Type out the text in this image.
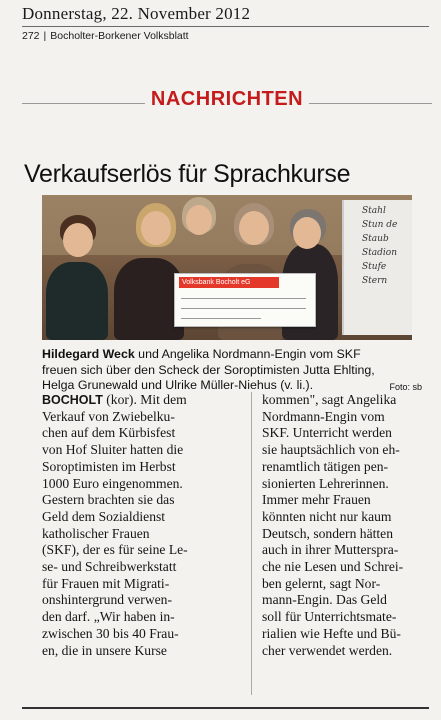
Donnerstag, 22. November 2012
272 | Bocholter-Borkener Volksblatt
NACHRICHTEN
Verkaufserlös für Sprachkurse
Stahl
Stun de
Staub
Stadion
Stufe
Stern
Volksbank Bocholt eG
Hildegard Weck und Angelika Nordmann-Engin vom SKF
freuen sich über den Scheck der Soroptimisten Jutta Ehlting,
Helga Grunewald und Ulrike Müller-Niehus (v. li.).	Foto: sb
BOCHOLT (kor). Mit dem
Verkauf von Zwiebelku-
chen auf dem Kürbisfest
von Hof Sluiter hatten die
Soroptimisten im Herbst
1000 Euro eingenommen.
Gestern brachten sie das
Geld dem Sozialdienst
katholischer Frauen
(SKF), der es für seine Le-
se- und Schreibwerkstatt
für Frauen mit Migrati-
onshintergrund verwen-
den darf. „Wir haben in-
zwischen 30 bis 40 Frau-
en, die in unsere Kurse
kommen", sagt Angelika
Nordmann-Engin vom
SKF. Unterricht werden
sie hauptsächlich von eh-
renamtlich tätigen pen-
sionierten Lehrerinnen.
Immer mehr Frauen
könnten nicht nur kaum
Deutsch, sondern hätten
auch in ihrer Mutterspra-
che nie Lesen und Schrei-
ben gelernt, sagt Nor-
mann-Engin. Das Geld
soll für Unterrichtsmate-
rialien wie Hefte und Bü-
cher verwendet werden.
